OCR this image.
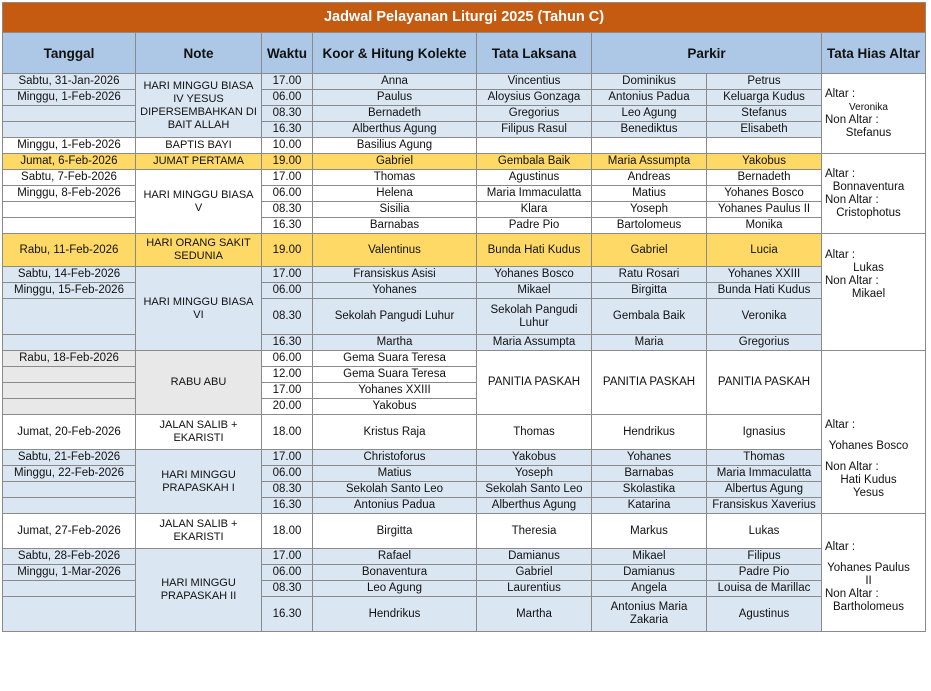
Jadwal Pelayanan Liturgi 2025 (Tahun C)							
Tanggal	Note	Waktu	Koor & Hitung Kolekte	Tata Laksana	Parkir		Tata Hias Altar
Sabtu, 31-Jan-2026	HARI MINGGU BIASA IV YESUS DIPERSEMBAHKAN DI BAIT ALLAH	17.00	Anna	Vincentius	Dominikus	Petrus	Altar :
Veronika
Non Altar :
Stefanus

Minggu, 1-Feb-2026		06.00	Paulus	Aloysius Gonzaga	Antonius Padua	Keluarga Kudus	
		08.30	Bernadeth	Gregorius	Leo Agung	Stefanus	
		16.30	Alberthus Agung	Filipus Rasul	Benediktus	Elisabeth	
Minggu, 1-Feb-2026	BAPTIS BAYI	10.00	Basilius Agung				
Jumat, 6-Feb-2026	JUMAT PERTAMA	19.00	Gabriel	Gembala Baik	Maria Assumpta	Yakobus	Altar :
Bonnaventura
Non Altar :
Cristophotus

Sabtu, 7-Feb-2026	HARI MINGGU BIASA V	17.00	Thomas	Agustinus	Andreas	Bernadeth	
Minggu, 8-Feb-2026		06.00	Helena	Maria Immaculatta	Matius	Yohanes Bosco	
		08.30	Sisilia	Klara	Yoseph	Yohanes Paulus II	
		16.30	Barnabas	Padre Pio	Bartolomeus	Monika	
Rabu, 11-Feb-2026	HARI ORANG SAKIT SEDUNIA	19.00	Valentinus	Bunda Hati Kudus	Gabriel	Lucia	Altar :
Lukas
Non Altar :
Mikael

Sabtu, 14-Feb-2026	HARI MINGGU BIASA VI	17.00	Fransiskus Asisi	Yohanes Bosco	Ratu Rosari	Yohanes XXIII	
Minggu, 15-Feb-2026		06.00	Yohanes	Mikael	Birgitta	Bunda Hati Kudus	
		08.30	Sekolah Pangudi Luhur	Sekolah Pangudi Luhur	Gembala Baik	Veronika	
		16.30	Martha	Maria Assumpta	Maria	Gregorius	
Rabu, 18-Feb-2026	RABU ABU	06.00	Gema Suara Teresa	PANITIA PASKAH	PANITIA PASKAH	PANITIA PASKAH	Altar :
Yohanes Bosco
Non Altar :
Hati Kudus Yesus

		12.00	Gema Suara Teresa				
		17.00	Yohanes XXIII				
		20.00	Yakobus				
Jumat, 20-Feb-2026	JALAN SALIB + EKARISTI	18.00	Kristus Raja	Thomas	Hendrikus	Ignasius	
Sabtu, 21-Feb-2026	HARI MINGGU PRAPASKAH I	17.00	Christoforus	Yakobus	Yohanes	Thomas	
Minggu, 22-Feb-2026		06.00	Matius	Yoseph	Barnabas	Maria Immaculatta	
		08.30	Sekolah Santo Leo	Sekolah Santo Leo	Skolastika	Albertus Agung	
		16.30	Antonius Padua	Alberthus Agung	Katarina	Fransiskus Xaverius	
Jumat, 27-Feb-2026	JALAN SALIB + EKARISTI	18.00	Birgitta	Theresia	Markus	Lukas	Altar :
Yohanes Paulus II
Non Altar :
Bartholomeus

Sabtu, 28-Feb-2026	HARI MINGGU PRAPASKAH II	17.00	Rafael	Damianus	Mikael	Filipus	
Minggu, 1-Mar-2026		06.00	Bonaventura	Gabriel	Damianus	Padre Pio	
		08.30	Leo Agung	Laurentius	Angela	Louisa de Marillac	
		16.30	Hendrikus	Martha	Antonius Maria Zakaria	Agustinus	
